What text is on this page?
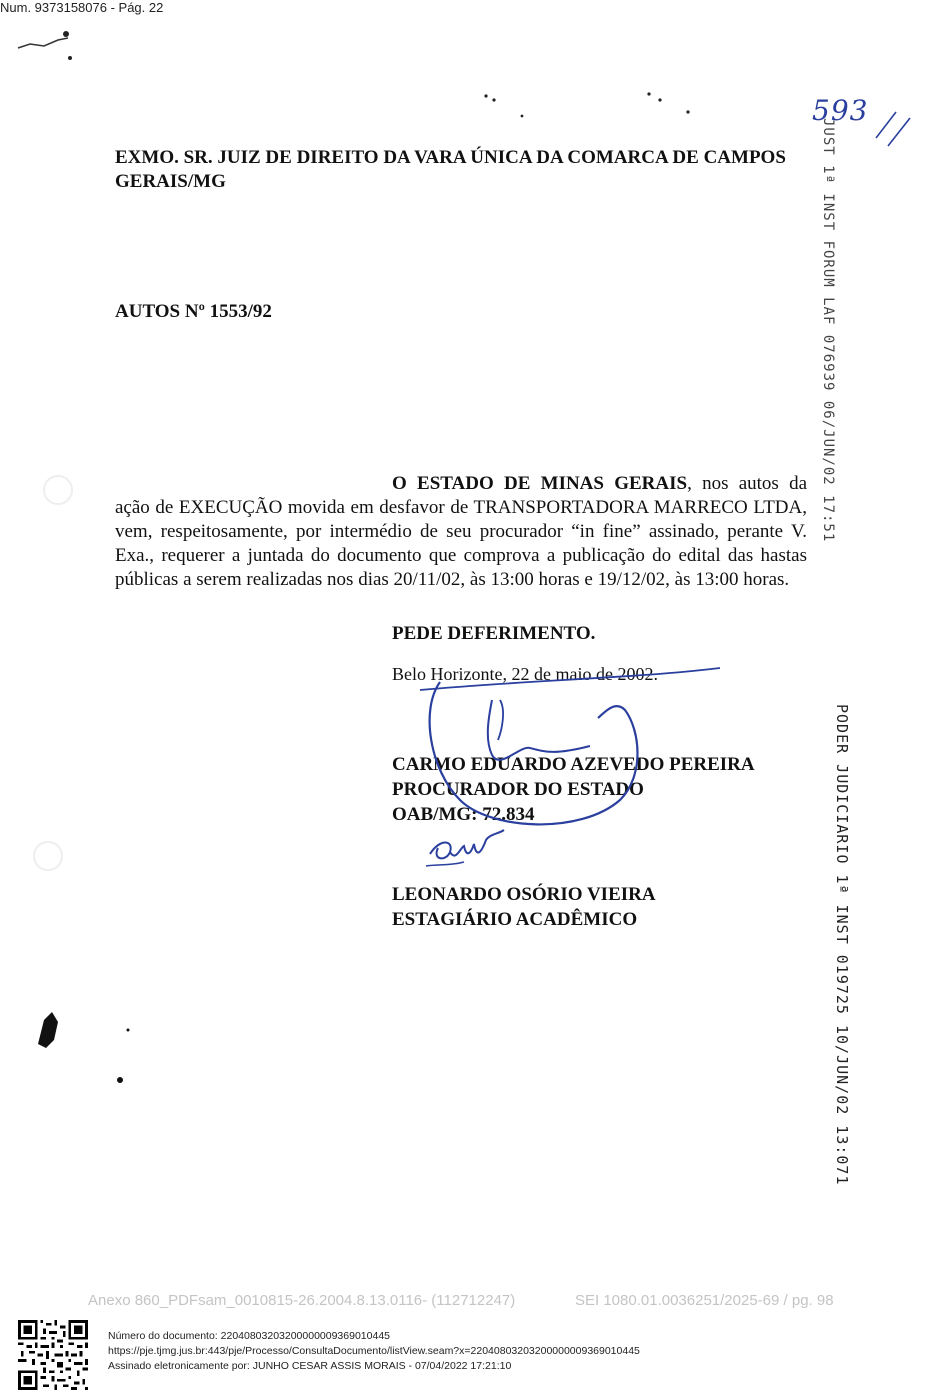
EXMO. SR. JUIZ DE DIREITO DA VARA ÚNICA DA COMARCA DE CAMPOS GERAIS/MG
AUTOS Nº 1553/92
O ESTADO DE MINAS GERAIS, nos autos da ação de EXECUÇÃO movida em desfavor de TRANSPORTADORA MARRECO LTDA, vem, respeitosamente, por intermédio de seu procurador “in fine” assinado, perante V. Exa., requerer a juntada do documento que comprova a publicação do edital das hastas públicas a serem realizadas nos dias 20/11/02, às 13:00 horas e 19/12/02, às 13:00 horas.
PEDE DEFERIMENTO.
Belo Horizonte, 22 de maio de 2002.
CARMO EDUARDO AZEVEDO PEREIRA
PROCURADOR DO ESTADO
OAB/MG: 72.834
LEONARDO OSÓRIO VIEIRA
ESTAGIÁRIO ACADÊMICO
593
JUST 1ª INST FORUM LAF 076939 06/JUN/02 17:51
PODER JUDICIARIO 1ª INST 019725 10/JUN/02 13:071
Anexo 860_PDFsam_0010815-26.2004.8.13.0116- (112712247)	SEI 1080.01.0036251/2025-69 / pg. 98
Número do documento: 22040803203200000009369010445
https://pje.tjmg.jus.br:443/pje/Processo/ConsultaDocumento/listView.seam?x=22040803203200000009369010445
Assinado eletronicamente por: JUNHO CESAR ASSIS MORAIS - 07/04/2022 17:21:10
Num. 9373158076 - Pág. 22
